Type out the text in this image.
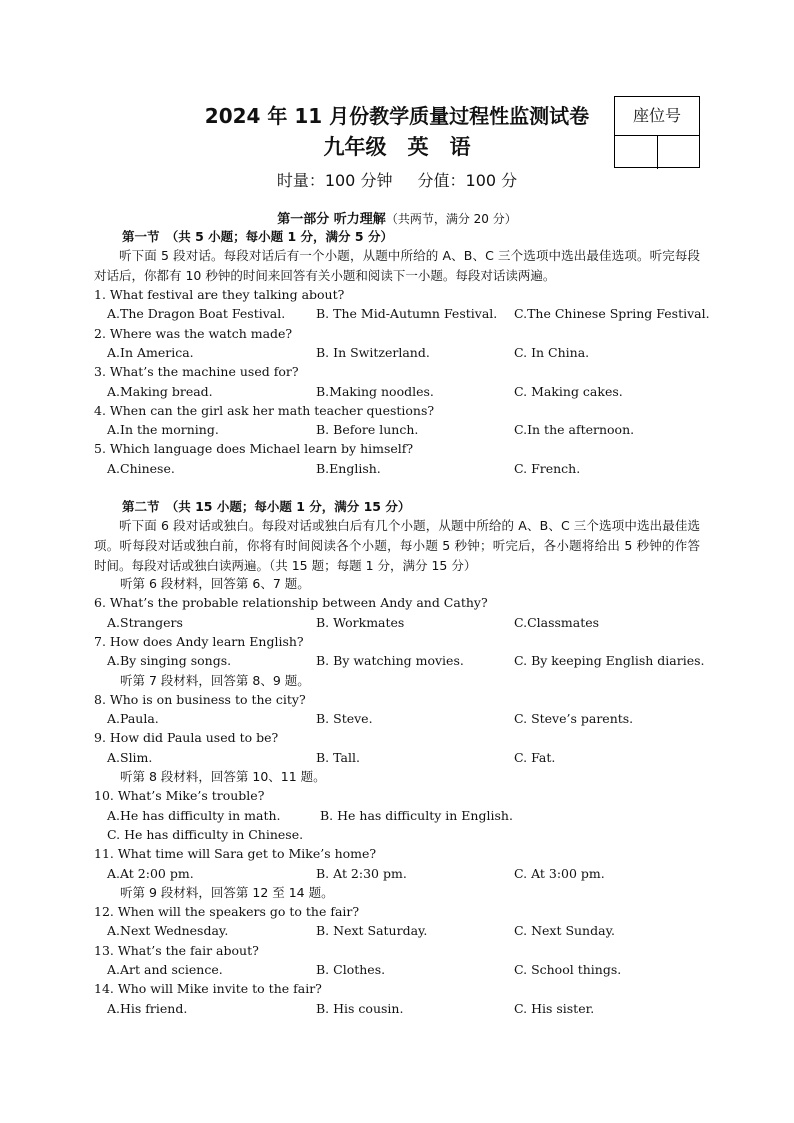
2024 年 11 月份教学质量过程性监测试卷
九年级　英　语
时量：100 分钟 分值：100 分
座位号
第一部分 听力理解（共两节，满分 20 分）
第一节　（共 5 小题；每小题 1 分，满分 5 分）
听下面 5 段对话。每段对话后有一个小题，从题中所给的 A、B、C 三个选项中选出最佳选项。听完每段对话后，你都有 10 秒钟的时间来回答有关小题和阅读下一小题。每段对话读两遍。
1. What festival are they talking about?
A.The Dragon Boat Festival. B. The Mid-Autumn Festival. C.The Chinese Spring Festival.
2. Where was the watch made?
A.In America.	B. In Switzerland.	C. In China.
3. What’s the machine used for?
A.Making bread.	B.Making noodles.	C. Making cakes.
4. When can the girl ask her math teacher questions?
A.In the morning.	B. Before lunch.	C.In the afternoon.
5. Which language does Michael learn by himself?
A.Chinese.	B.English.	C. French.
第二节　（共 15 小题；每小题 1 分，满分 15 分）
听下面 6 段对话或独白。每段对话或独白后有几个小题，从题中所给的 A、B、C 三个选项中选出最佳选项。听每段对话或独白前，你将有时间阅读各个小题，每小题 5 秒钟；听完后，各小题将给出 5 秒钟的作答时间。每段对话或独白读两遍。（共 15 题；每题 1 分，满分 15 分）
听第 6 段材料，回答第 6、7 题。
6. What’s the probable relationship between Andy and Cathy?
A.Strangers	B. Workmates	C.Classmates
7. How does Andy learn English?
A.By singing songs.	B. By watching movies.	C. By keeping English diaries.
听第 7 段材料，回答第 8、9 题。
8. Who is on business to the city?
A.Paula.	B. Steve.	C. Steve’s parents.
9. How did Paula used to be?
A.Slim.	B. Tall.	C. Fat.
听第 8 段材料，回答第 10、11 题。
10. What’s Mike’s trouble?
A.He has difficulty in math.	B. He has difficulty in English.
C. He has difficulty in Chinese.
11. What time will Sara get to Mike’s home?
A.At 2:00 pm.	B. At 2:30 pm.	C. At 3:00 pm.
听第 9 段材料，回答第 12 至 14 题。
12. When will the speakers go to the fair?
A.Next Wednesday.	B. Next Saturday.	C. Next Sunday.
13. What’s the fair about?
A.Art and science.	B. Clothes.	C. School things.
14. Who will Mike invite to the fair?
A.His friend.	B. His cousin.	C. His sister.
